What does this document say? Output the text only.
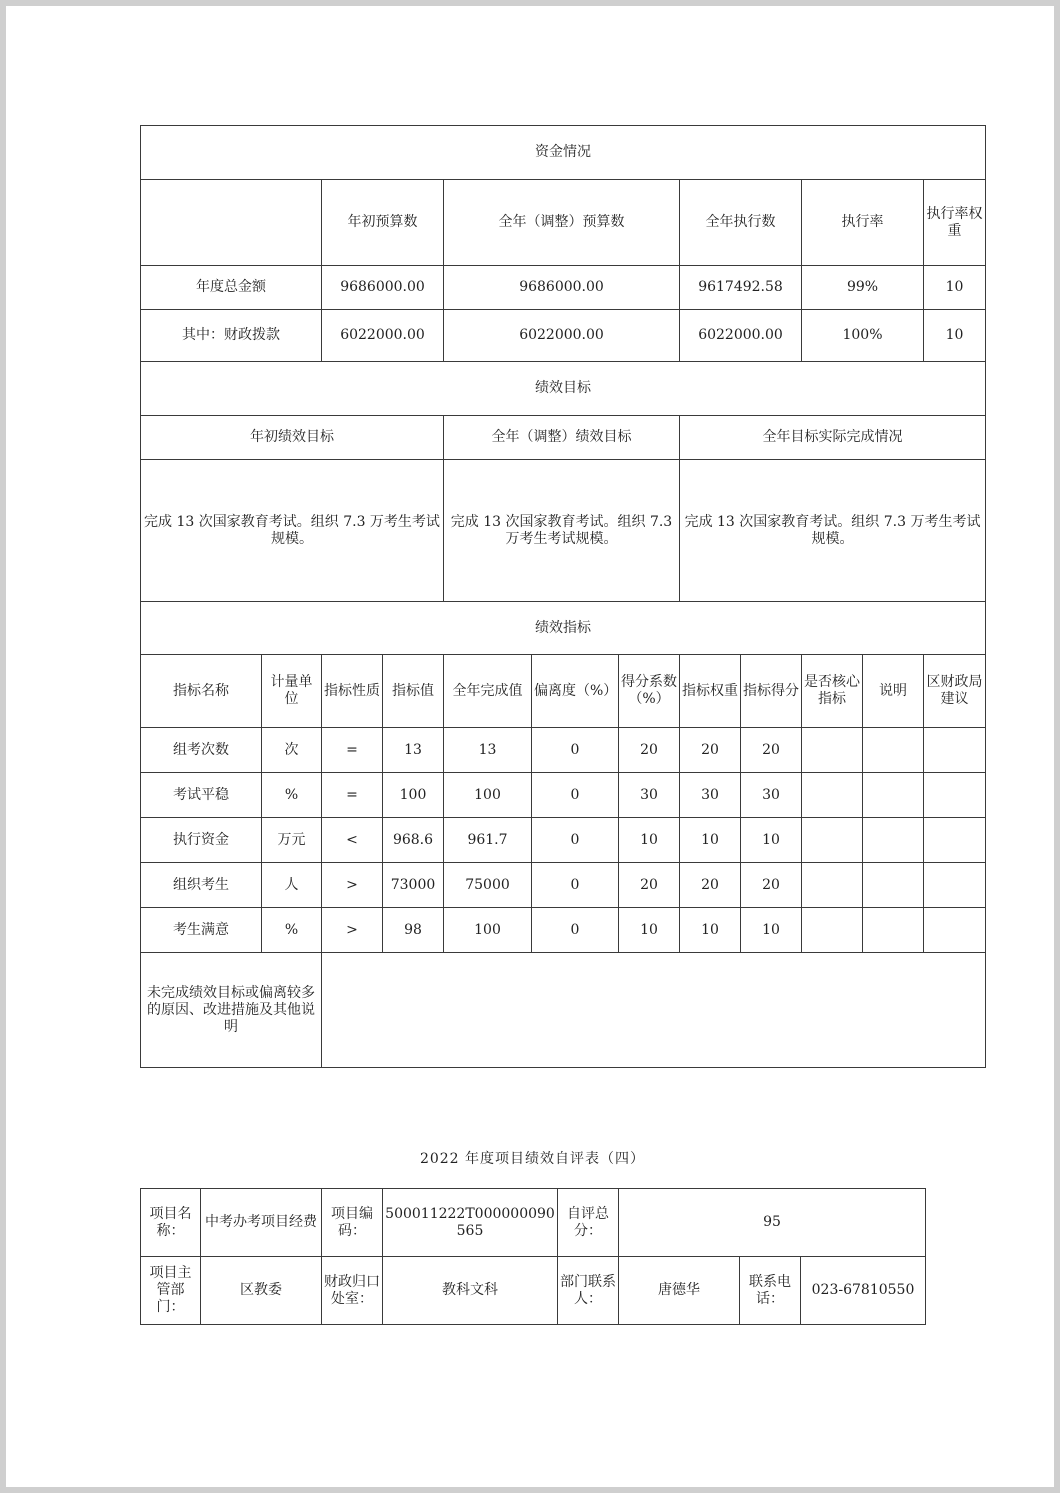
资金情况												
		年初预算数		全年（调整）预算数			全年执行数		执行率		执行率权重	
年度总金额		9686000.00		9686000.00			9617492.58		99%		10	
其中：财政拨款		6022000.00		6022000.00			6022000.00		100%		10	
绩效目标												
年初绩效目标				全年（调整）绩效目标			全年目标实际完成情况					
完成 13 次国家教育考试。组织 7.3 万考生考试规模。				完成 13 次国家教育考试。组织 7.3 万考生考试规模。			完成 13 次国家教育考试。组织 7.3 万考生考试规模。					
绩效指标												
指标名称	计量单位	指标性质	指标值	全年完成值	偏离度（%）	得分系数（%）	指标权重	指标得分	是否核心指标	说明	区财政局建议	
组考次数	次	=	13	13	0	20	20	20				
考试平稳	%	=	100	100	0	30	30	30				
执行资金	万元	<	968.6	961.7	0	10	10	10				
组织考生	人	>	73000	75000	0	20	20	20				
考生满意	%	>	98	100	0	10	10	10				
未完成绩效目标或偏离较多的原因、改进措施及其他说明												
2022 年度项目绩效自评表（四）
项目名称：	中考办考项目经费	项目编码：	500011222T000000090565	自评总分：	95		
项目主管部门：	区教委	财政归口处室：	教科文科	部门联系人：	唐德华	联系电话：	023-67810550
